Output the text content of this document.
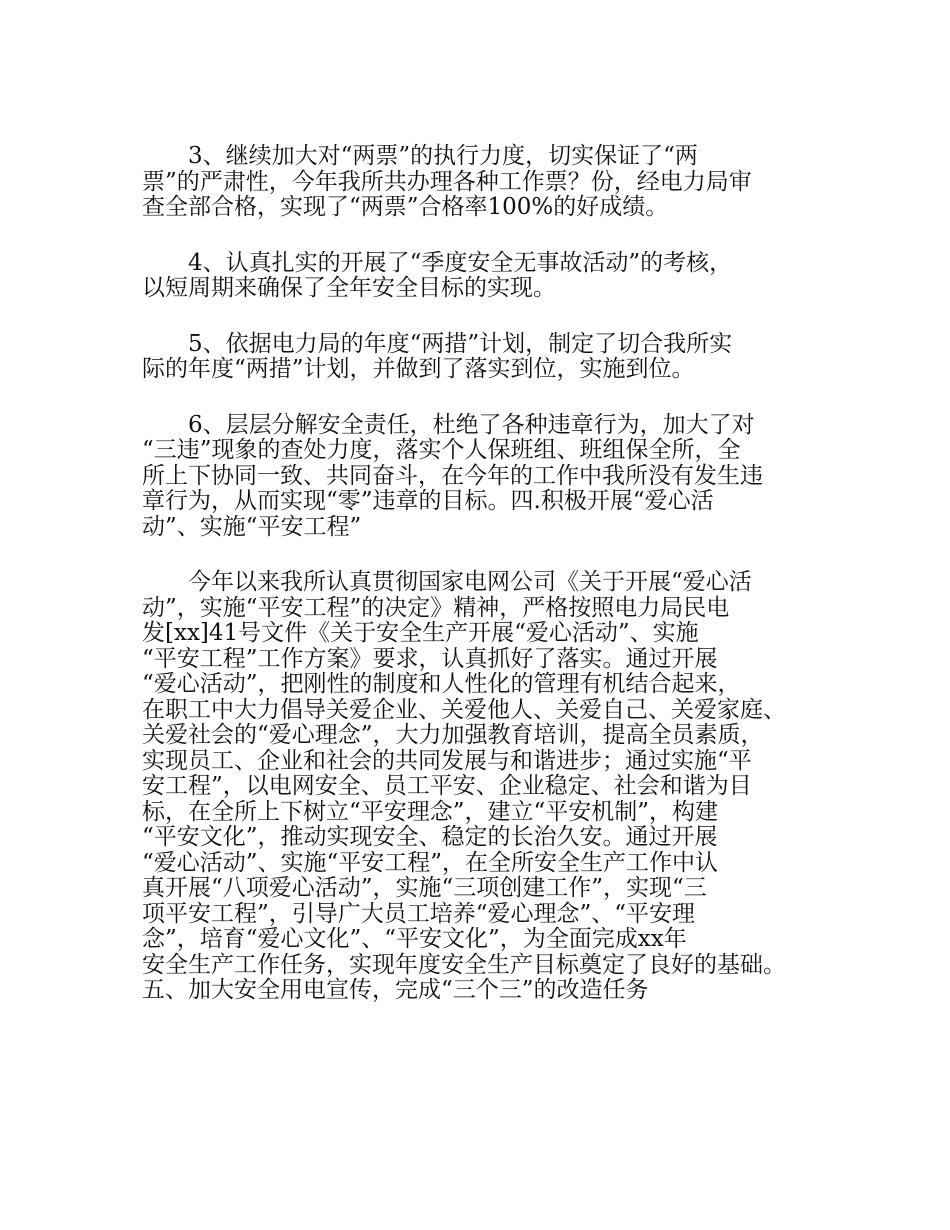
　　3、继续加大对“两票”的执行力度，切实保证了“两
票”的严肃性，今年我所共办理各种工作票？份，经电力局审
查全部合格，实现了“两票”合格率100%的好成绩。
　　4、认真扎实的开展了“季度安全无事故活动”的考核，
以短周期来确保了全年安全目标的实现。
　　5、依据电力局的年度“两措”计划，制定了切合我所实
际的年度“两措”计划，并做到了落实到位，实施到位。
　　6、层层分解安全责任，杜绝了各种违章行为，加大了对
“三违”现象的查处力度，落实个人保班组、班组保全所，全
所上下协同一致、共同奋斗，在今年的工作中我所没有发生违
章行为，从而实现“零”违章的目标。四.积极开展“爱心活
动”、实施“平安工程”
　　今年以来我所认真贯彻国家电网公司《关于开展“爱心活
动”，实施“平安工程”的决定》精神，严格按照电力局民电
发[xx]41号文件《关于安全生产开展“爱心活动”、实施
“平安工程”工作方案》要求，认真抓好了落实。通过开展
“爱心活动”，把刚性的制度和人性化的管理有机结合起来，
在职工中大力倡导关爱企业、关爱他人、关爱自己、关爱家庭、
关爱社会的“爱心理念”，大力加强教育培训，提高全员素质，
实现员工、企业和社会的共同发展与和谐进步；通过实施“平
安工程”，以电网安全、员工平安、企业稳定、社会和谐为目
标，在全所上下树立“平安理念”，建立“平安机制”，构建
“平安文化”，推动实现安全、稳定的长治久安。通过开展
“爱心活动”、实施“平安工程”，在全所安全生产工作中认
真开展“八项爱心活动”，实施“三项创建工作”，实现“三
项平安工程”，引导广大员工培养“爱心理念”、“平安理
念”，培育“爱心文化”、“平安文化”，为全面完成xx年
安全生产工作任务，实现年度安全生产目标奠定了良好的基础。
五、加大安全用电宣传，完成“三个三”的改造任务
